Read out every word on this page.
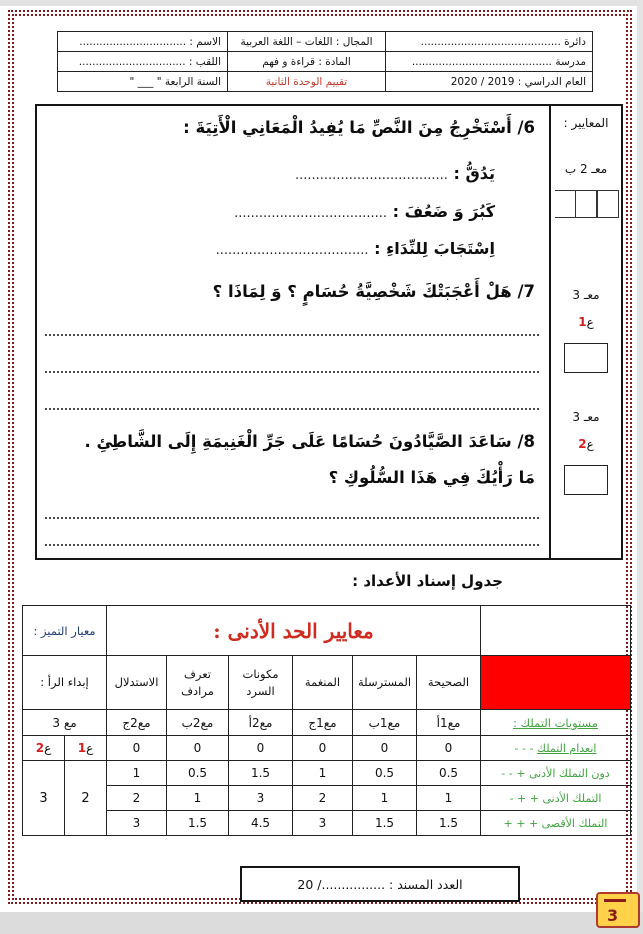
دائرة ..........................................	المجال : اللغات – اللغة العربية	الاسم : ................................
مدرسة ..........................................	المادة : قراءة و فهم	اللقب : ................................
العام الدراسي : 2019 / 2020	تقييم الوحدة الثانية	السنة الرابعة " ___ "
6/ أَسْتَخْرِجُ مِنَ النَّصِّ مَا يُفِيدُ الْمَعَانِي الْأَتِيَةَ :
يَدُقُّ : .....................................
كَبُرَ وَ ضَعُفَ : .....................................
اِسْتَجَابَ لِلنِّدَاءِ : .....................................
7/ هَلْ أَعْجَبَتْكَ شَخْصِيَّةُ حُسَامٍ ؟ وَ لِمَاذَا ؟
8/ سَاعَدَ الصَّيَّادُونَ حُسَامًا عَلَى جَرِّ الْغَنِيمَةِ إِلَى الشَّاطِئِ .
مَا رَأْيُكَ فِي هَذَا السُّلُوكِ ؟
المعايير :
معـ 2 ب
معـ 3
ع1
معـ 3
ع2
جدول إسناد الأعداد :
	معايير الحد الأدنى :						معيار التميز :	
	الصحيحة	المسترسلة	المنغمة	مكونات السرد	تعرف مرادف	الاستدلال	إبداء الرأ :	
مستويات التملك :	مع1أ	مع1ب	مع1ج	مع2أ	مع2ب	مع2ج	مع 3	
انعدام التملك - - -	0	0	0	0	0	0	ع1	ع2
دون التملك الأدنى + - -	0.5	0.5	1	1.5	0.5	1	2	3
التملك الأدنى + + -	1	1	2	3	1	2		
التملك الأقصى + + +	1.5	1.5	3	4.5	1.5	3		
العدد المسند : ................/ 20
3
